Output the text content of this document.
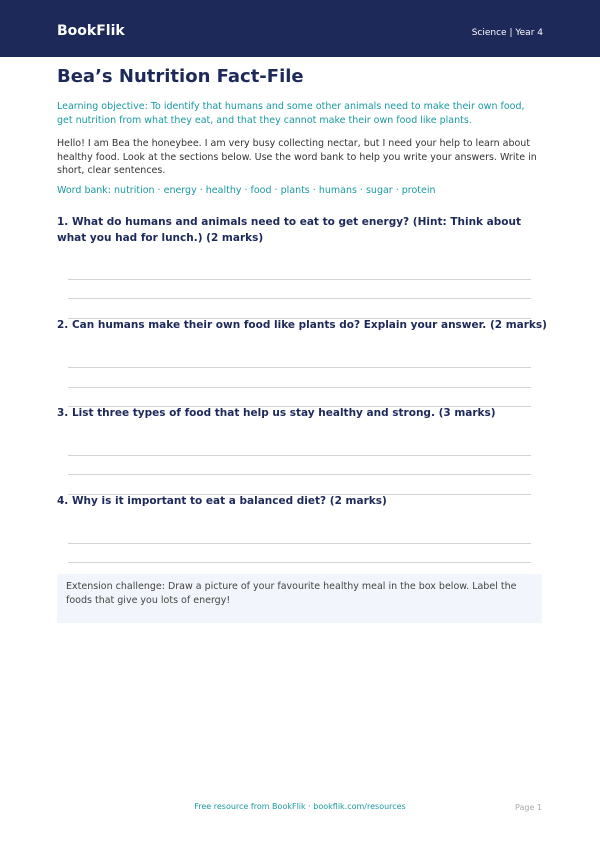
BookFlik	Science | Year 4
Bea’s Nutrition Fact-File

Learning objective: To identify that humans and some other animals need to make their own food, get nutrition from what they eat, and that they cannot make their own food like plants.

Hello! I am Bea the honeybee. I am very busy collecting nectar, but I need your help to learn about healthy food. Look at the sections below. Use the word bank to help you write your answers. Write in short, clear sentences.

Word bank: nutrition · energy · healthy · food · plants · humans · sugar · protein

1. What do humans and animals need to eat to get energy? (Hint: Think about what you had for lunch.) (2 marks)

2. Can humans make their own food like plants do? Explain your answer. (2 marks)

3. List three types of food that help us stay healthy and strong. (3 marks)

4. Why is it important to eat a balanced diet? (2 marks)

Extension challenge: Draw a picture of your favourite healthy meal in the box below. Label the foods that give you lots of energy!
Free resource from BookFlik · bookflik.com/resources	Page 1
